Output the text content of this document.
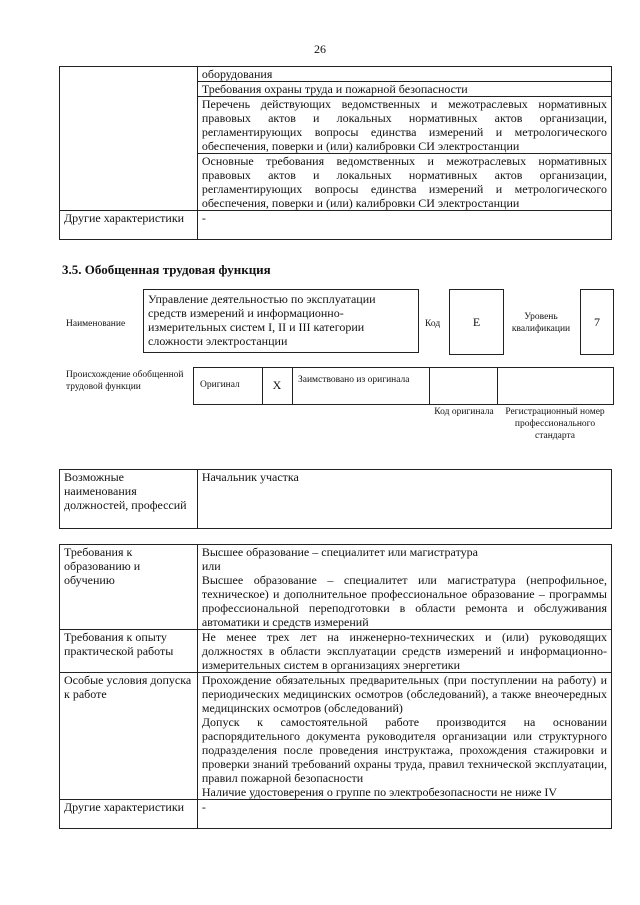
26
	оборудования
	Требования охраны труда и пожарной безопасности
	Перечень действующих ведомственных и межотраслевых нормативных правовых актов и локальных нормативных актов организации, регламентирующих вопросы единства измерений и метрологического обеспечения, поверки и (или) калибровки СИ электростанции
	Основные требования ведомственных и межотраслевых нормативных правовых актов и локальных нормативных актов организации, регламентирующих вопросы единства измерений и метрологического обеспечения, поверки и (или) калибровки СИ электростанции
Другие характеристики	-
3.5. Обобщенная трудовая функция
Наименование
Управление деятельностью по эксплуатации средств измерений и информационно-измерительных систем I, II и III категории сложности электростанции
Код	E	Уровень квалификации	7
Происхождение обобщенной трудовой функции	Оригинал	X	Заимствовано из оригинала
Код оригинала Регистрационный номер профессионального стандарта
Возможные наименования должностей, профессий	Начальник участка
Требования к образованию и обучению	Высшее образование – специалитет или магистратура
или
Высшее образование – специалитет или магистратура (непрофильное, техническое) и дополнительное профессиональное образование – программы профессиональной переподготовки в области ремонта и обслуживания автоматики и средств измерений

Требования к опыту практической работы	Не менее трех лет на инженерно-технических и (или) руководящих должностях в области эксплуатации средств измерений и информационно-измерительных систем в организациях энергетики

Особые условия допуска к работе	Прохождение обязательных предварительных (при поступлении на работу) и периодических медицинских осмотров (обследований), а также внеочередных медицинских осмотров (обследований)
Допуск к самостоятельной работе производится на основании распорядительного документа руководителя организации или структурного подразделения после проведения инструктажа, прохождения стажировки и проверки знаний требований охраны труда, правил технической эксплуатации, правил пожарной безопасности
Наличие удостоверения о группе по электробезопасности не ниже IV

Другие характеристики	-
